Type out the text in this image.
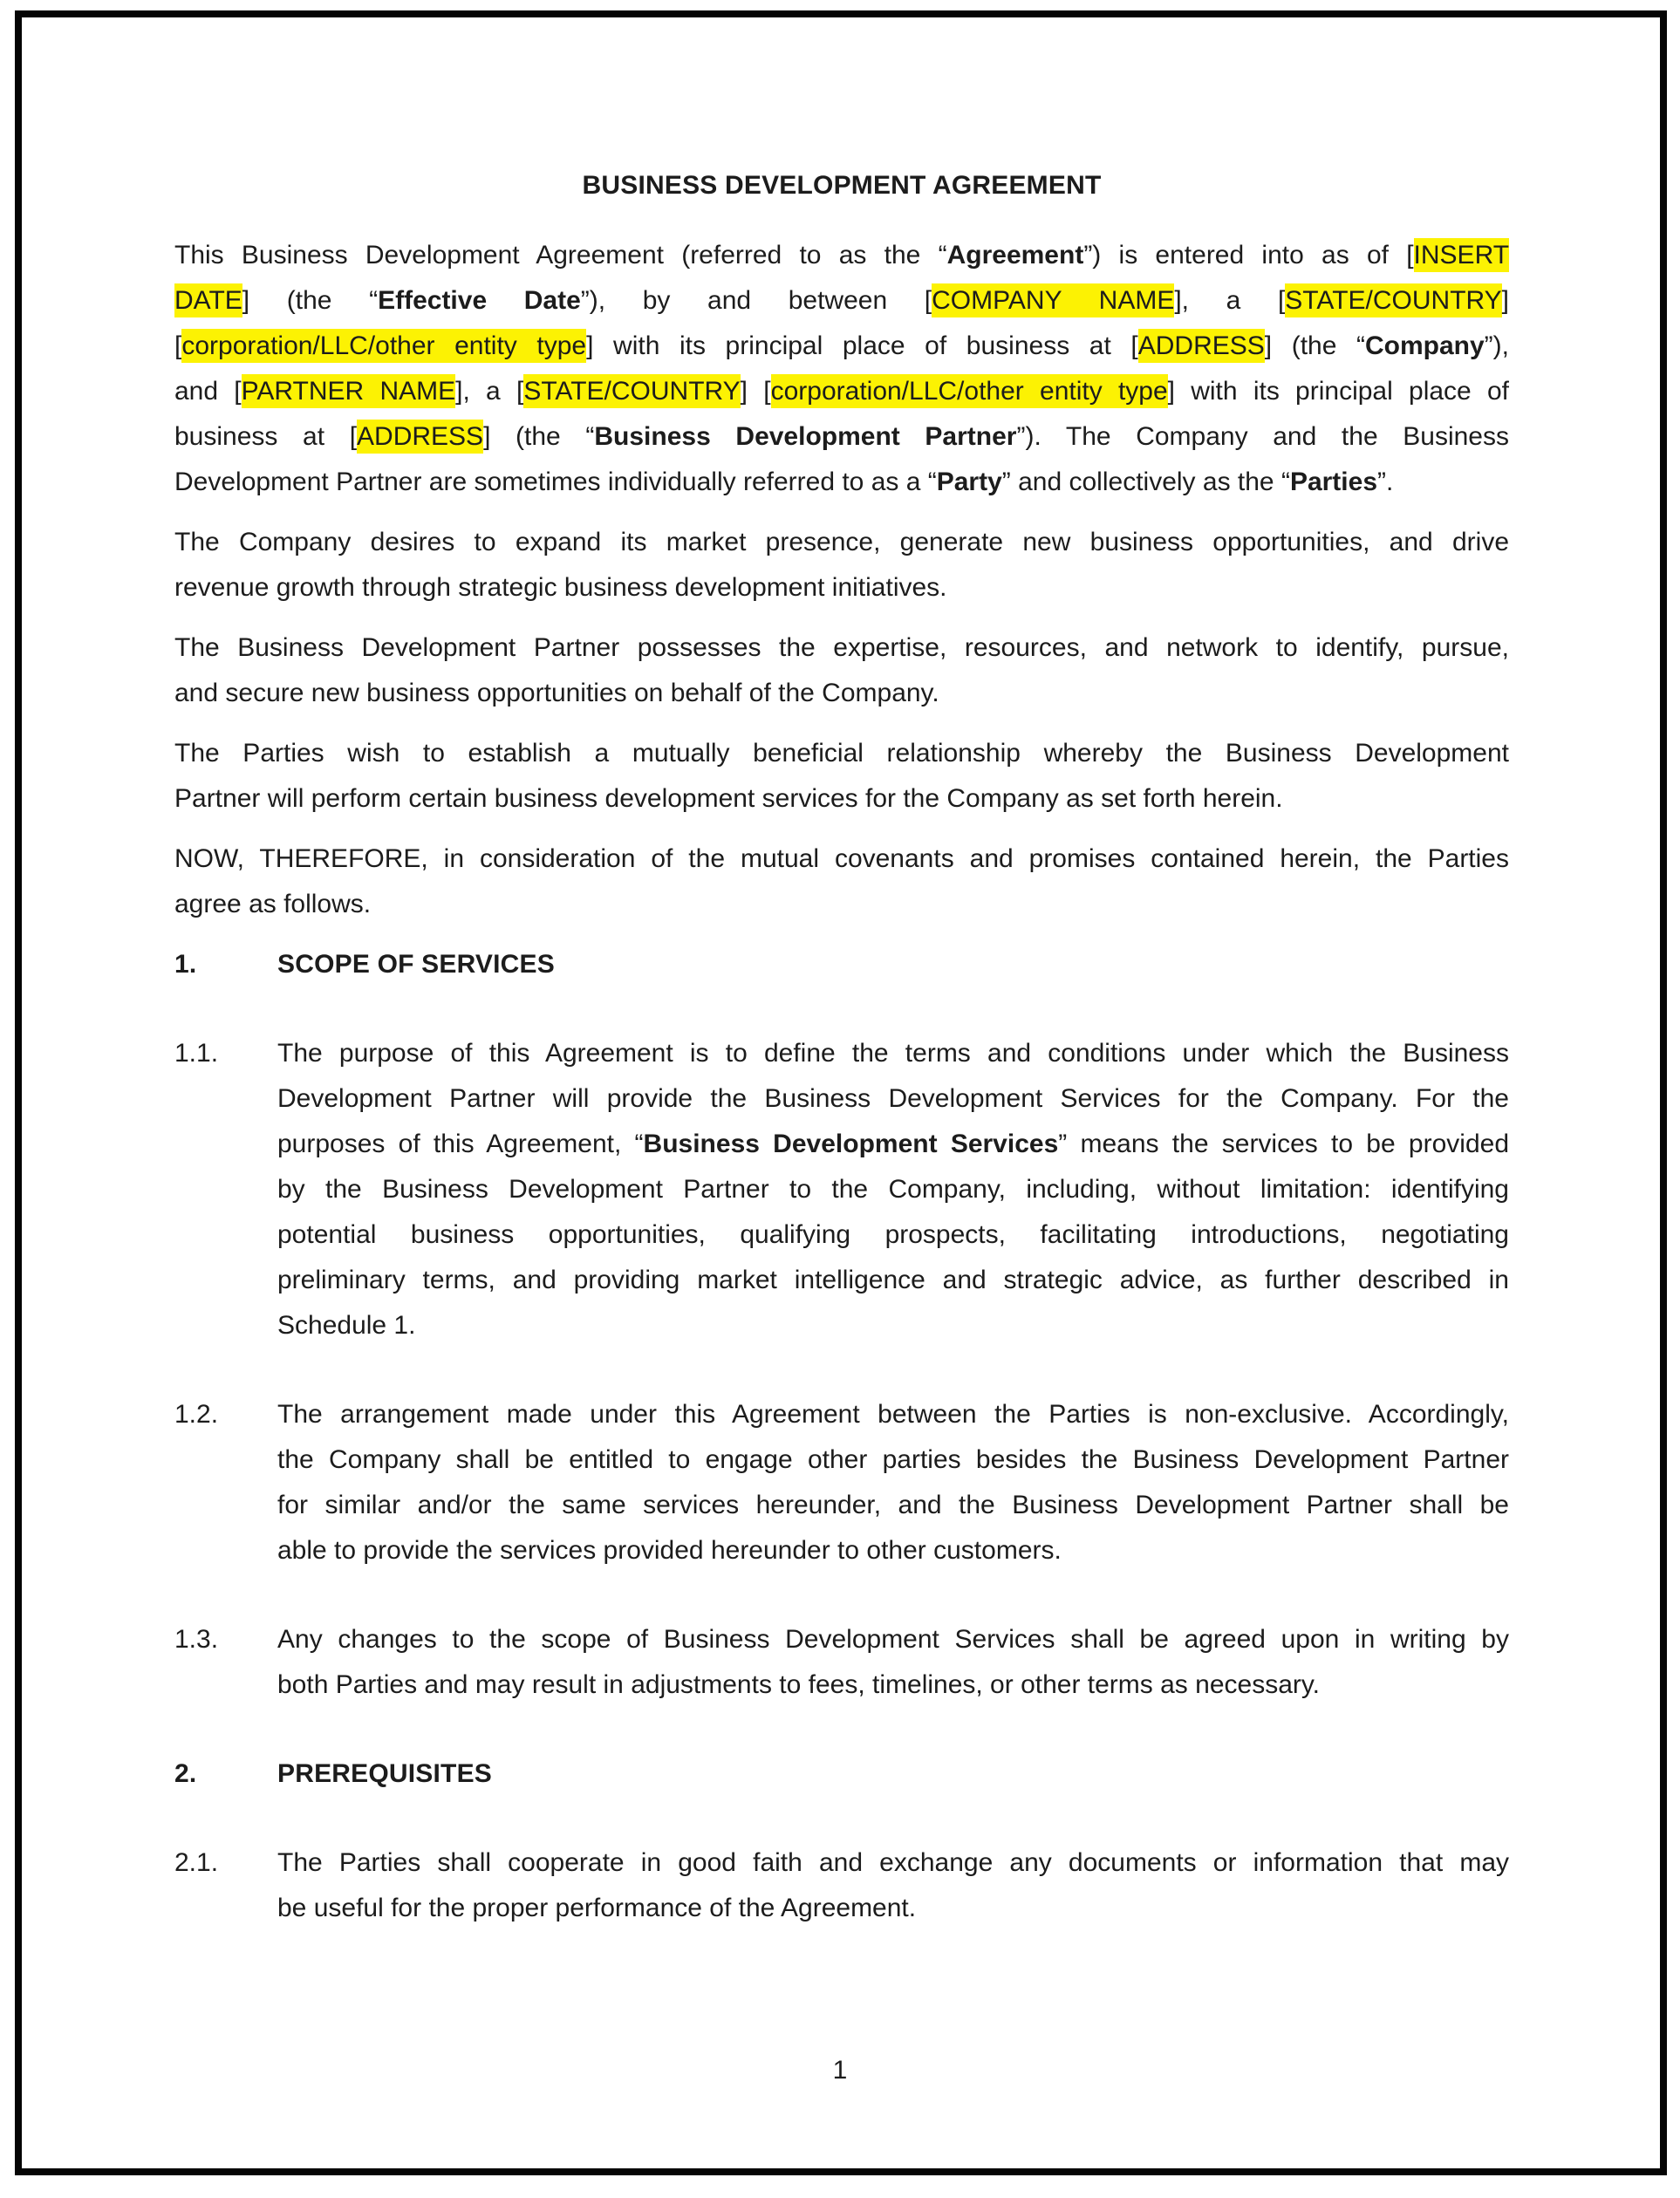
BUSINESS DEVELOPMENT AGREEMENT
This Business Development Agreement (referred to as the “Agreement”) is entered into as of [INSERT
DATE] (the “Effective Date”), by and between [COMPANY NAME], a [STATE/COUNTRY]
[corporation/LLC/other entity type] with its principal place of business at [ADDRESS] (the “Company”),
and [PARTNER NAME], a [STATE/COUNTRY] [corporation/LLC/other entity type] with its principal place of
business at [ADDRESS] (the “Business Development Partner”). The Company and the Business
Development Partner are sometimes individually referred to as a “Party” and collectively as the “Parties”.
The Company desires to expand its market presence, generate new business opportunities, and drive
revenue growth through strategic business development initiatives.
The Business Development Partner possesses the expertise, resources, and network to identify, pursue,
and secure new business opportunities on behalf of the Company.
The Parties wish to establish a mutually beneficial relationship whereby the Business Development
Partner will perform certain business development services for the Company as set forth herein.
NOW, THEREFORE, in consideration of the mutual covenants and promises contained herein, the Parties
agree as follows.
1.	SCOPE OF SERVICES
1.1.	The purpose of this Agreement is to define the terms and conditions under which the Business
Development Partner will provide the Business Development Services for the Company. For the
purposes of this Agreement, “Business Development Services” means the services to be provided
by the Business Development Partner to the Company, including, without limitation: identifying
potential business opportunities, qualifying prospects, facilitating introductions, negotiating
preliminary terms, and providing market intelligence and strategic advice, as further described in
Schedule 1.
1.2.	The arrangement made under this Agreement between the Parties is non-exclusive. Accordingly,
the Company shall be entitled to engage other parties besides the Business Development Partner
for similar and/or the same services hereunder, and the Business Development Partner shall be
able to provide the services provided hereunder to other customers.
1.3.	Any changes to the scope of Business Development Services shall be agreed upon in writing by
both Parties and may result in adjustments to fees, timelines, or other terms as necessary.
2.	PREREQUISITES
2.1.	The Parties shall cooperate in good faith and exchange any documents or information that may
be useful for the proper performance of the Agreement.
1
